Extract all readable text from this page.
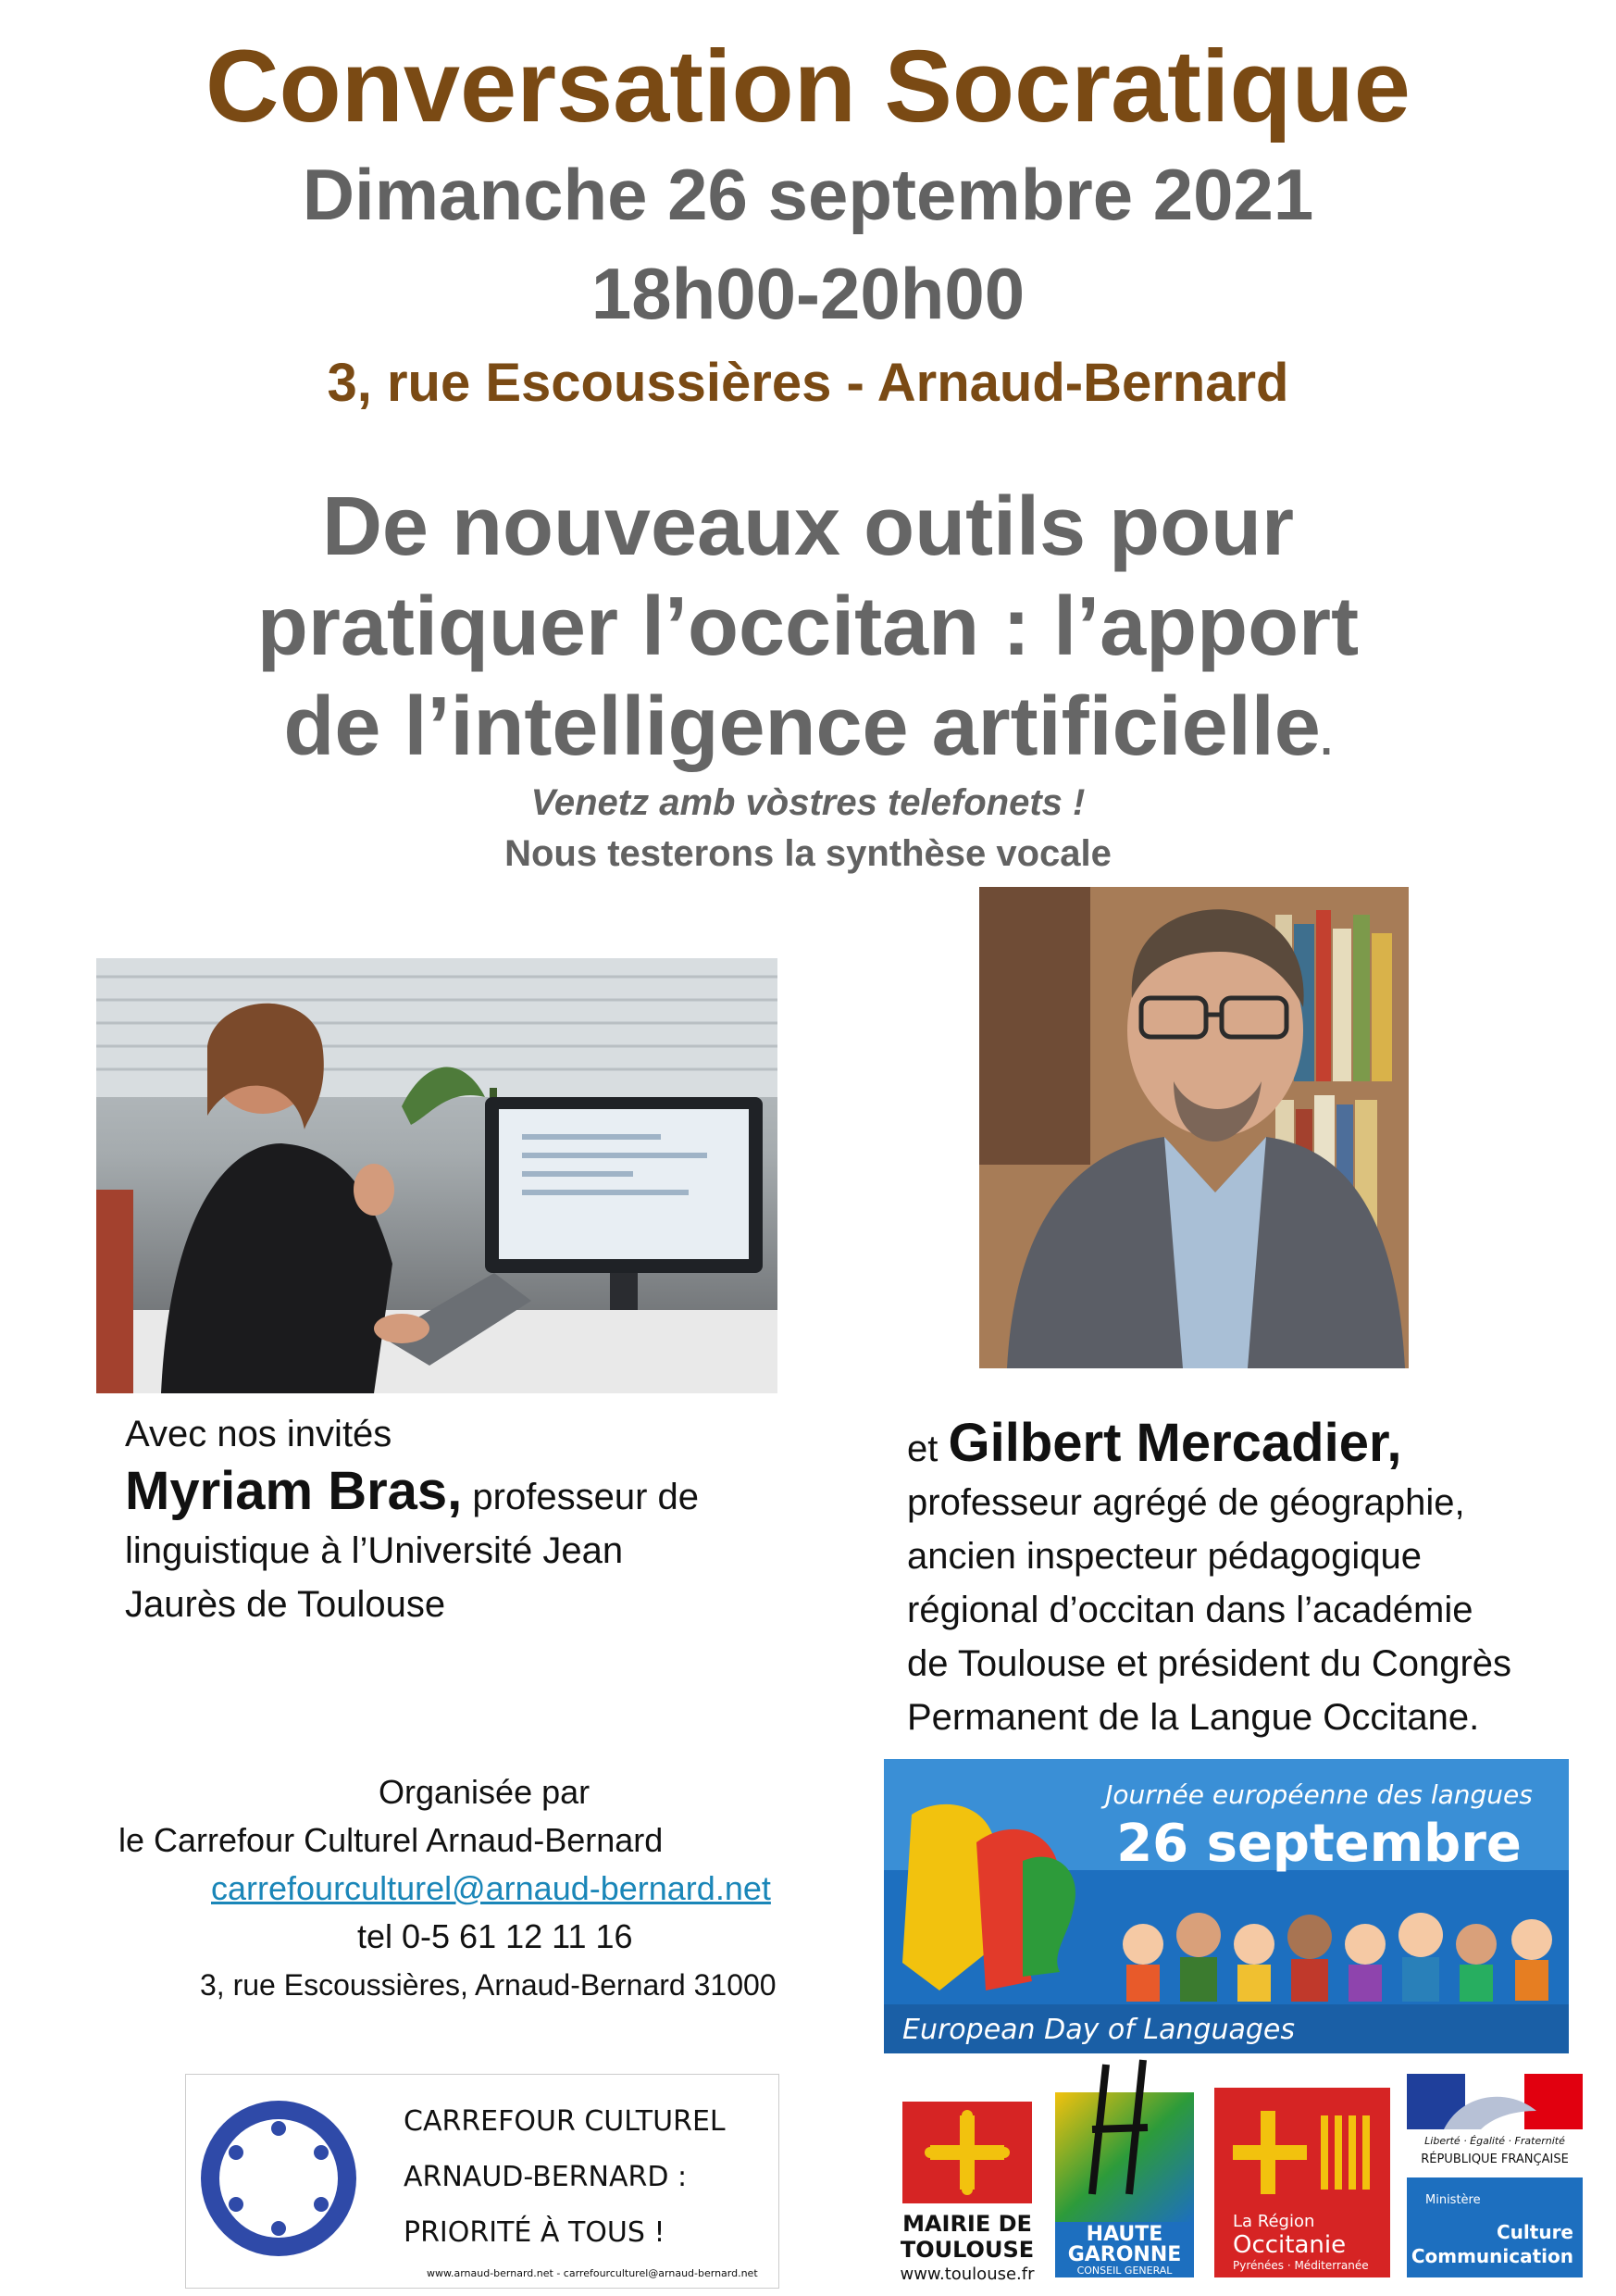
Conversation Socratique
Dimanche 26 septembre 2021
18h00-20h00
3, rue Escoussières - Arnaud-Bernard
De nouveaux outils pour
pratiquer l’occitan : l’apport
de l’intelligence artificielle.
Venetz amb vòstres telefonets !
Nous testerons la synthèse vocale
Avec nos invités
Myriam Bras, professeur de
linguistique à l’Université Jean
Jaurès de Toulouse
et Gilbert Mercadier,
professeur agrégé de géographie,
ancien inspecteur pédagogique
régional d’occitan dans l’académie
de Toulouse et président du Congrès
Permanent de la Langue Occitane.
Organisée par
le Carrefour Culturel Arnaud-Bernard
carrefourculturel@arnaud-bernard.net
tel 0-5 61 12 11 16
3, rue Escoussières, Arnaud-Bernard 31000
Journée européenne des langues
26 septembre
European Day of Languages
CARREFOUR CULTUREL
ARNAUD-BERNARD :
PRIORITÉ À TOUS !
www.arnaud-bernard.net - carrefourculturel@arnaud-bernard.net
MAIRIE DE
TOULOUSE
www.toulouse.fr
HAUTE
GARONNE
CONSEIL GENERAL
La Région
Occitanie
Pyrénées · Méditerranée
Liberté · Égalité · Fraternité
RÉPUBLIQUE FRANÇAISE
Ministère
Culture
Communication
